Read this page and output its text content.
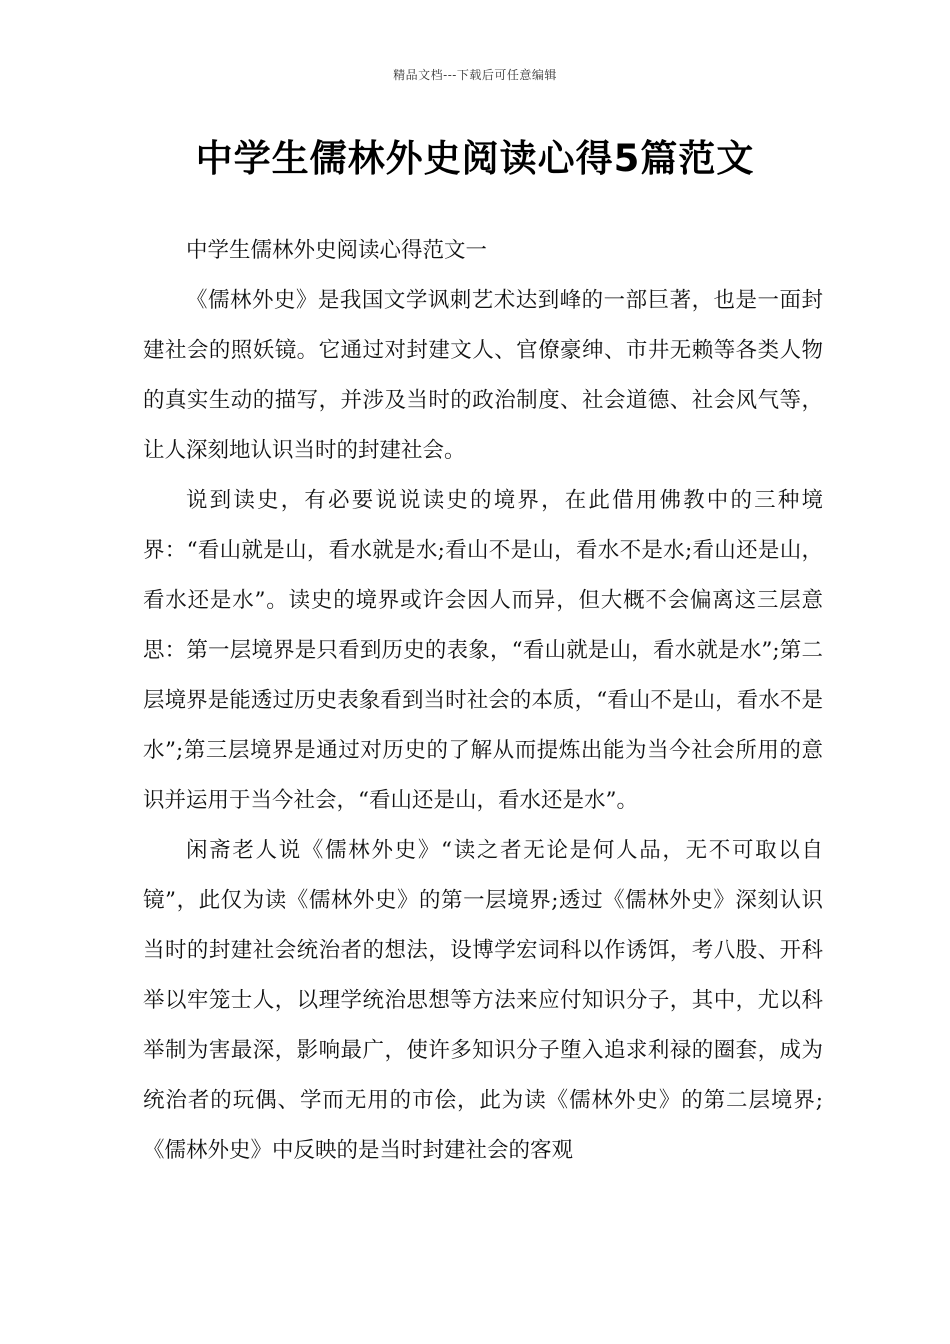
精品文档---下载后可任意编辑
中学生儒林外史阅读心得5篇范文

中学生儒林外史阅读心得范文一

《儒林外史》是我国文学讽刺艺术达到峰的一部巨著，也是一面封建社会的照妖镜。它通过对封建文人、官僚豪绅、市井无赖等各类人物的真实生动的描写，并涉及当时的政治制度、社会道德、社会风气等，让人深刻地认识当时的封建社会。

说到读史，有必要说说读史的境界，在此借用佛教中的三种境界：“看山就是山，看水就是水;看山不是山，看水不是水;看山还是山，看水还是水”。读史的境界或许会因人而异，但大概不会偏离这三层意思：第一层境界是只看到历史的表象，“看山就是山，看水就是水”;第二层境界是能透过历史表象看到当时社会的本质，“看山不是山，看水不是水”;第三层境界是通过对历史的了解从而提炼出能为当今社会所用的意识并运用于当今社会，“看山还是山，看水还是水”。

闲斋老人说《儒林外史》“读之者无论是何人品，无不可取以自镜”，此仅为读《儒林外史》的第一层境界;透过《儒林外史》深刻认识当时的封建社会统治者的想法，设博学宏词科以作诱饵，考八股、开科举以牢笼士人，以理学统治思想等方法来应付知识分子，其中，尤以科举制为害最深，影响最广，使许多知识分子堕入追求利禄的圈套，成为统治者的玩偶、学而无用的市侩，此为读《儒林外史》的第二层境界;《儒林外史》中反映的是当时封建社会的客观
